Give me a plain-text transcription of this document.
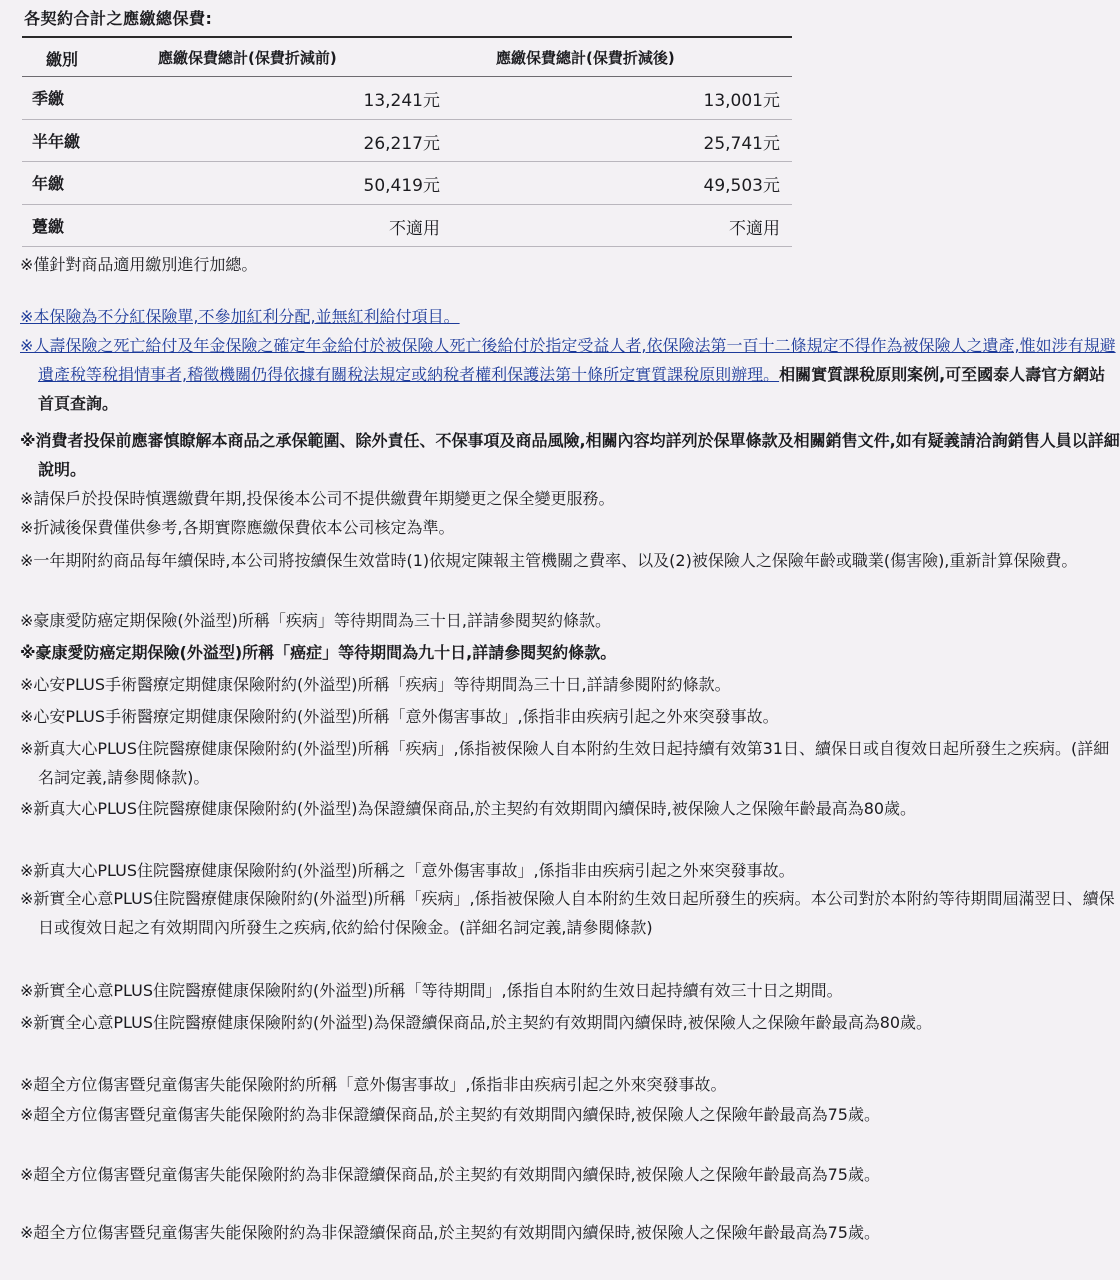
各契約合計之應繳總保費:
繳別	應繳保費總計(保費折減前)	應繳保費總計(保費折減後)
季繳	13,241元	13,001元
半年繳	26,217元	25,741元
年繳	50,419元	49,503元
躉繳	不適用	不適用
※僅針對商品適用繳別進行加總。
※本保險為不分紅保險單,不參加紅利分配,並無紅利給付項目。
※人壽保險之死亡給付及年金保險之確定年金給付於被保險人死亡後給付於指定受益人者,依保險法第一百十二條規定不得作為被保險人之遺產,惟如涉有規避遺產稅等稅捐情事者,稽徵機關仍得依據有關稅法規定或納稅者權利保護法第十條所定實質課稅原則辦理。相關實質課稅原則案例,可至國泰人壽官方網站首頁查詢。
※消費者投保前應審慎瞭解本商品之承保範圍、除外責任、不保事項及商品風險,相關內容均詳列於保單條款及相關銷售文件,如有疑義請洽詢銷售人員以詳細說明。
※請保戶於投保時慎選繳費年期,投保後本公司不提供繳費年期變更之保全變更服務。
※折減後保費僅供參考,各期實際應繳保費依本公司核定為準。
※一年期附約商品每年續保時,本公司將按續保生效當時(1)依規定陳報主管機關之費率、以及(2)被保險人之保險年齡或職業(傷害險),重新計算保險費。
※豪康愛防癌定期保險(外溢型)所稱「疾病」等待期間為三十日,詳請參閱契約條款。
※豪康愛防癌定期保險(外溢型)所稱「癌症」等待期間為九十日,詳請參閱契約條款。
※心安PLUS手術醫療定期健康保險附約(外溢型)所稱「疾病」等待期間為三十日,詳請參閱附約條款。
※心安PLUS手術醫療定期健康保險附約(外溢型)所稱「意外傷害事故」,係指非由疾病引起之外來突發事故。
※新真大心PLUS住院醫療健康保險附約(外溢型)所稱「疾病」,係指被保險人自本附約生效日起持續有效第31日、續保日或自復效日起所發生之疾病。(詳細名詞定義,請參閱條款)。
※新真大心PLUS住院醫療健康保險附約(外溢型)為保證續保商品,於主契約有效期間內續保時,被保險人之保險年齡最高為80歲。
※新真大心PLUS住院醫療健康保險附約(外溢型)所稱之「意外傷害事故」,係指非由疾病引起之外來突發事故。
※新實全心意PLUS住院醫療健康保險附約(外溢型)所稱「疾病」,係指被保險人自本附約生效日起所發生的疾病。本公司對於本附約等待期間屆滿翌日、續保日或復效日起之有效期間內所發生之疾病,依約給付保險金。(詳細名詞定義,請參閱條款)
※新實全心意PLUS住院醫療健康保險附約(外溢型)所稱「等待期間」,係指自本附約生效日起持續有效三十日之期間。
※新實全心意PLUS住院醫療健康保險附約(外溢型)為保證續保商品,於主契約有效期間內續保時,被保險人之保險年齡最高為80歲。
※超全方位傷害暨兒童傷害失能保險附約所稱「意外傷害事故」,係指非由疾病引起之外來突發事故。
※超全方位傷害暨兒童傷害失能保險附約為非保證續保商品,於主契約有效期間內續保時,被保險人之保險年齡最高為75歲。
※超全方位傷害暨兒童傷害失能保險附約為非保證續保商品,於主契約有效期間內續保時,被保險人之保險年齡最高為75歲。
※超全方位傷害暨兒童傷害失能保險附約為非保證續保商品,於主契約有效期間內續保時,被保險人之保險年齡最高為75歲。
